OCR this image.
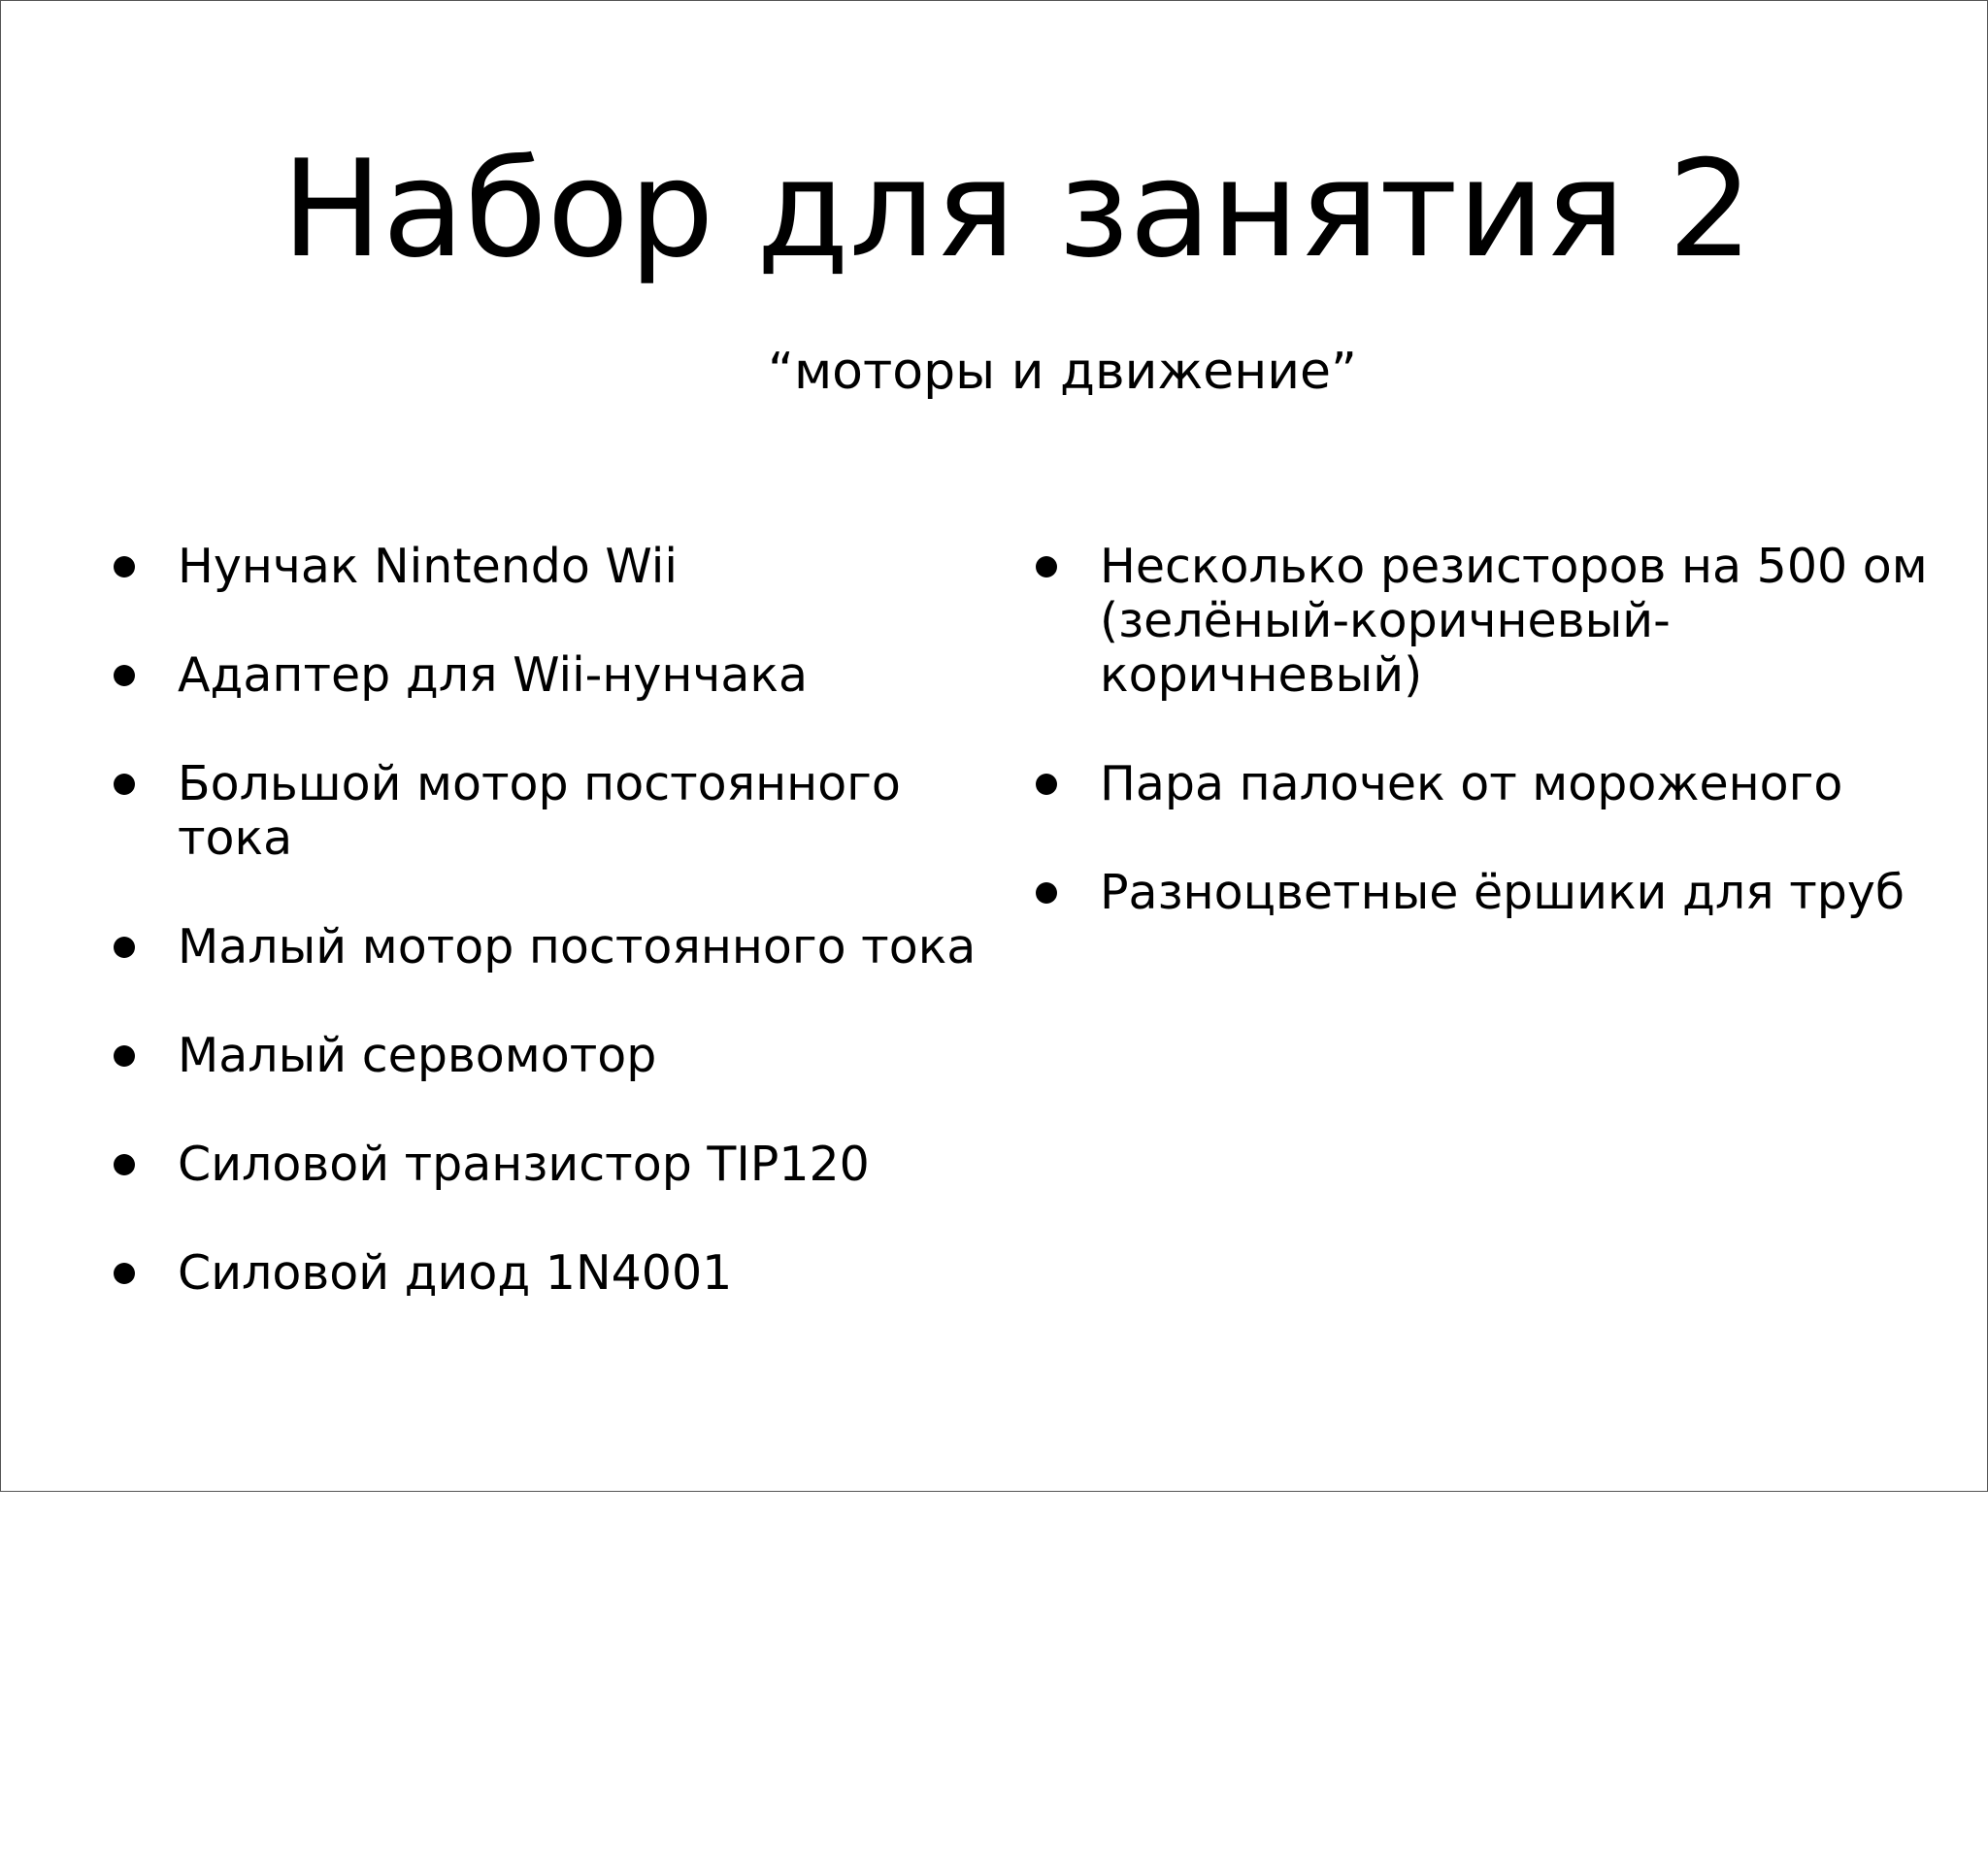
Набор для занятия 2
“моторы и движение”
Нунчак Nintendo Wii
Адаптер для Wii-нунчака
Большой мотор постоянного тока
Малый мотор постоянного тока
Малый сервомотор
Силовой транзистор TIP120
Силовой диод 1N4001
Несколько резисторов на 500 ом
(зелёный-коричневый-коричневый)
Пара палочек от мороженого
Разноцветные ёршики для труб
